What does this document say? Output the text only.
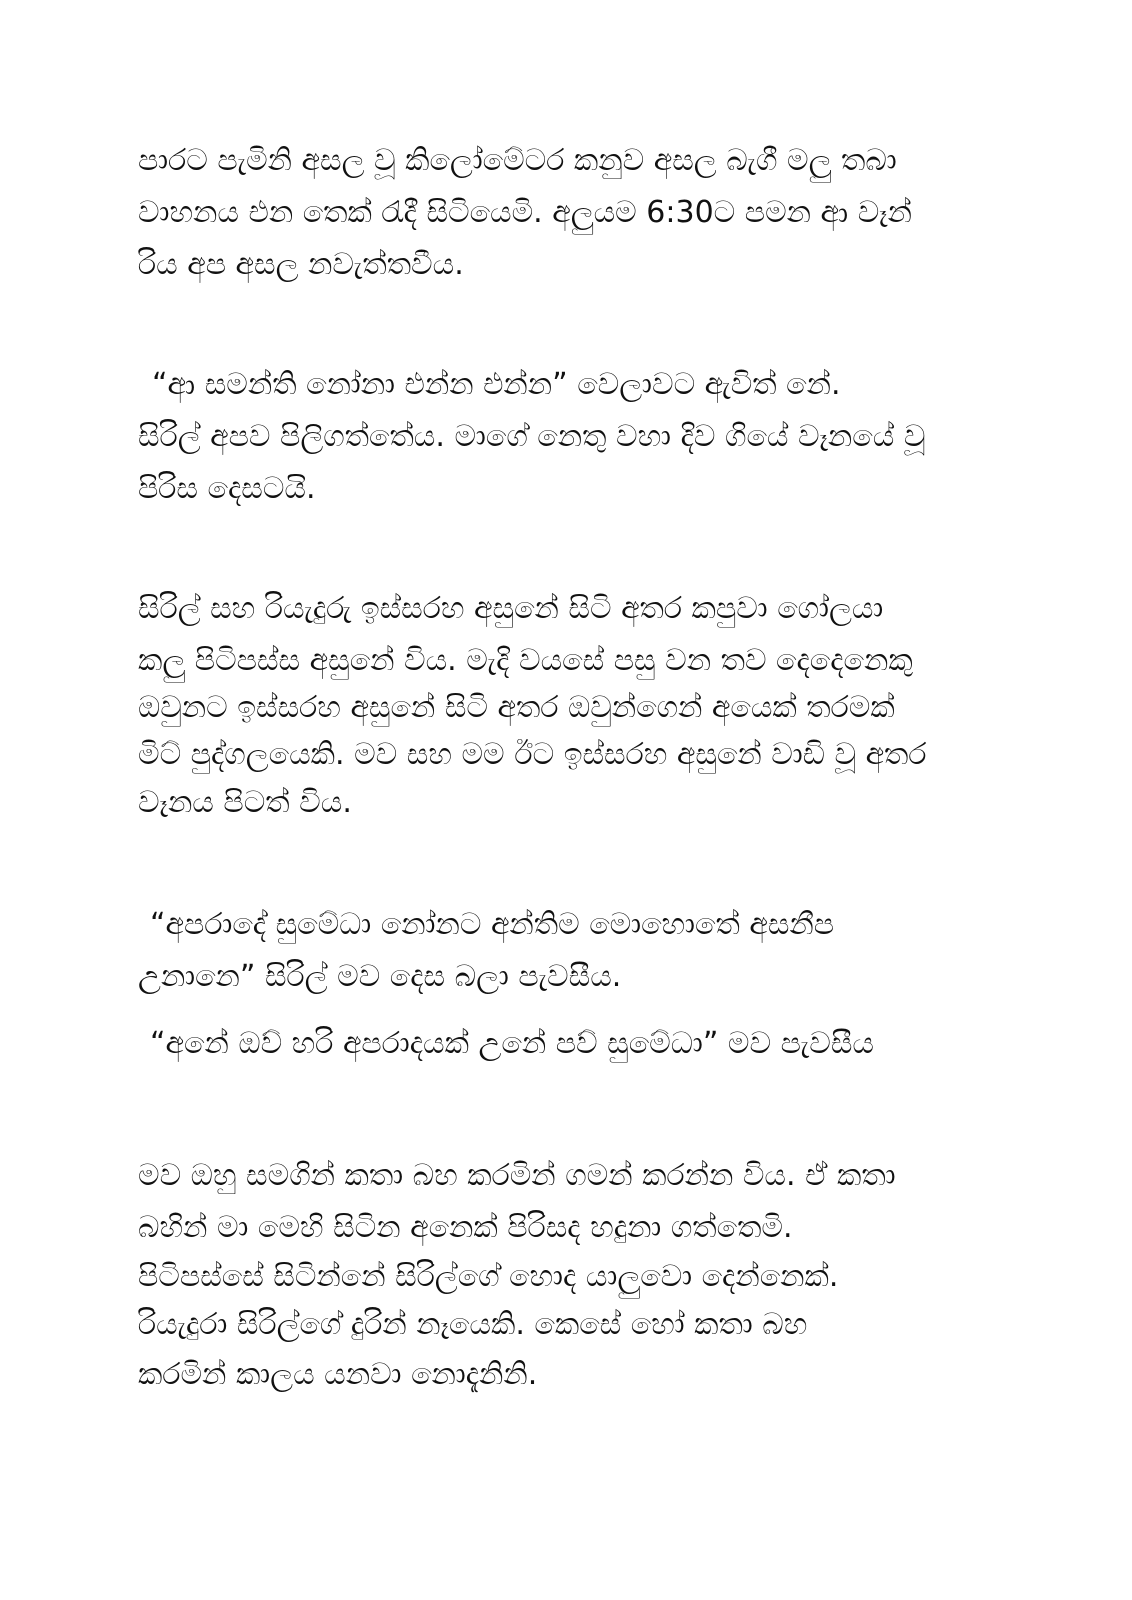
පාරට පැමිනි අසල වූ කිලෝමේටර කනුව අසල බැගී මලු තබා

වාහනය එන තෙක් රැදී සිටියෙමි. අලුයම 6:30ට පමන ආ වෑන්

රිය අප අසල නවැත්තවීය.

“ආ සමන්ති නෝනා එන්න එන්න” වෙලාවට ඇවිත් නේ.

සිරිල් අපව පිලිගත්තේය. මාගේ නෙතු වහා දිව ගියේ වෑනයේ වූ

පිරිස දෙසටයි.

සිරිල් සහ රියැදුරු ඉස්සරහ අසුනේ සිටි අතර කපුවා ගෝලයා

කලු පිටිපස්ස අසුනේ විය. මැදි වයසේ පසු වන තව දෙදෙනෙකු

ඔවුනට ඉස්සරහ අසුනේ සිටි අතර ඔවුන්ගෙන් අයෙක් තරමක්

මිට් පුද්ගලයෙකි. මව සහ මම ඊට ඉස්සරහ අසුනේ වාඩි වූ අතර

වෑනය පිටත් විය.

“අපරාදේ සුමේධා නෝනට අන්තිම මොහොතේ අසනීප

උනානෙ” සිරිල් මව දෙස බලා පැවසීය.

“අනේ ඔව් හරි අපරාදයක් උනේ පව් සුමේධා” මව පැවසීය

මව ඔහු සමගින් කතා බහ කරමින් ගමන් කරන්න විය. ඒ කතා

බහින් මා මෙහි සිටින අනෙක් පිරිසද හදුනා ගත්තෙමි.

පිටිපස්සේ සිටින්නේ සිරිල්ගේ හොද යාලුවො දෙන්නෙක්.

රියැදුරා සිරිල්ගේ දුරින් නෑයෙකි. කෙසේ හෝ කතා බහ

කරමින් කාලය යනවා නොදැනිනි.
